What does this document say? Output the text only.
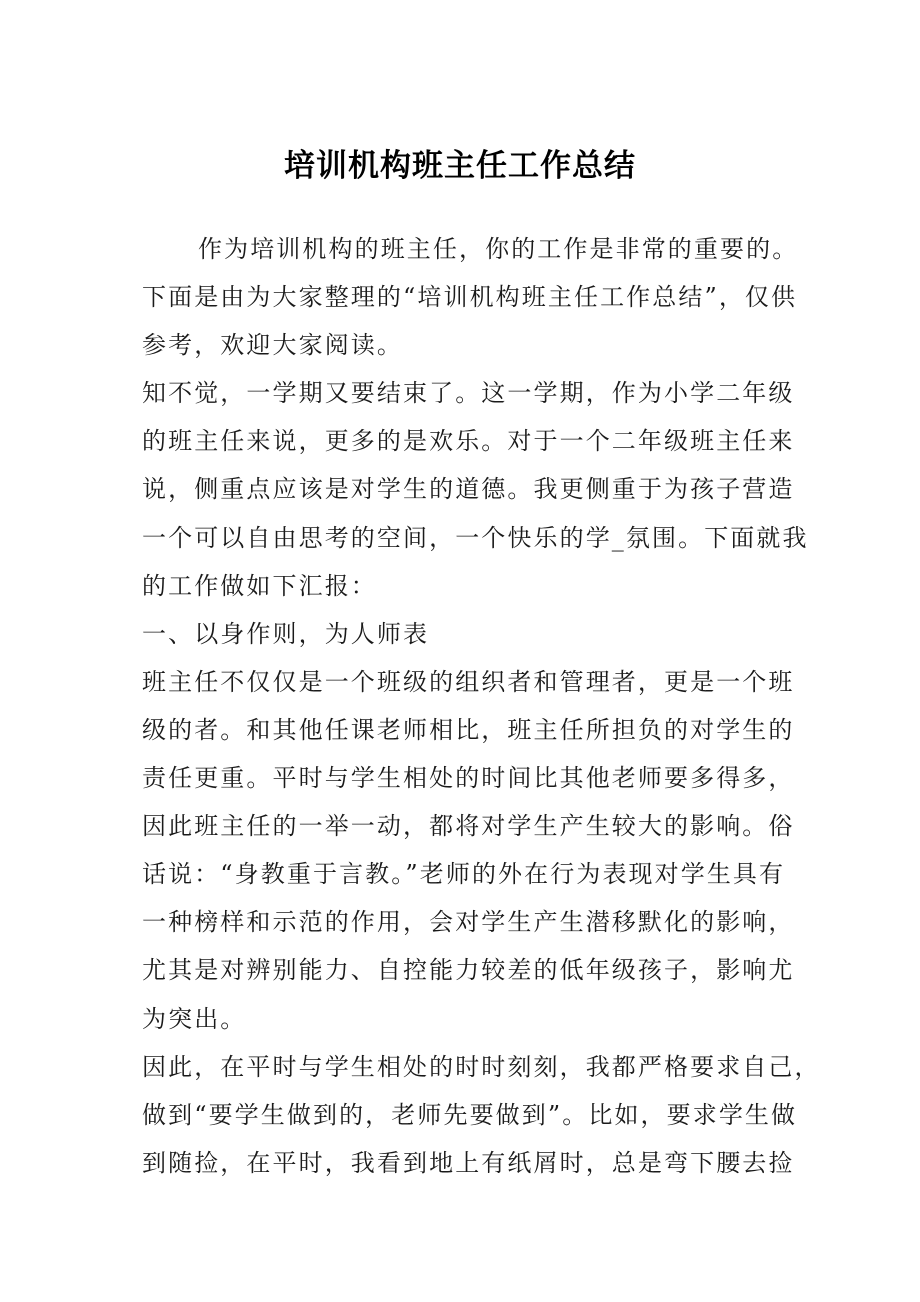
培训机构班主任工作总结
作为培训机构的班主任，你的工作是非常的重要的。
下面是由为大家整理的“培训机构班主任工作总结”，仅供
参考，欢迎大家阅读。
知不觉，一学期又要结束了。这一学期，作为小学二年级
的班主任来说，更多的是欢乐。对于一个二年级班主任来
说，侧重点应该是对学生的道德。我更侧重于为孩子营造
一个可以自由思考的空间，一个快乐的学_氛围。下面就我
的工作做如下汇报：
一、以身作则，为人师表
班主任不仅仅是一个班级的组织者和管理者，更是一个班
级的者。和其他任课老师相比，班主任所担负的对学生的
责任更重。平时与学生相处的时间比其他老师要多得多，
因此班主任的一举一动，都将对学生产生较大的影响。俗
话说：“身教重于言教。”老师的外在行为表现对学生具有
一种榜样和示范的作用，会对学生产生潜移默化的影响，
尤其是对辨别能力、自控能力较差的低年级孩子，影响尤
为突出。
因此，在平时与学生相处的时时刻刻，我都严格要求自己，
做到“要学生做到的，老师先要做到”。比如，要求学生做
到随捡，在平时，我看到地上有纸屑时，总是弯下腰去捡
